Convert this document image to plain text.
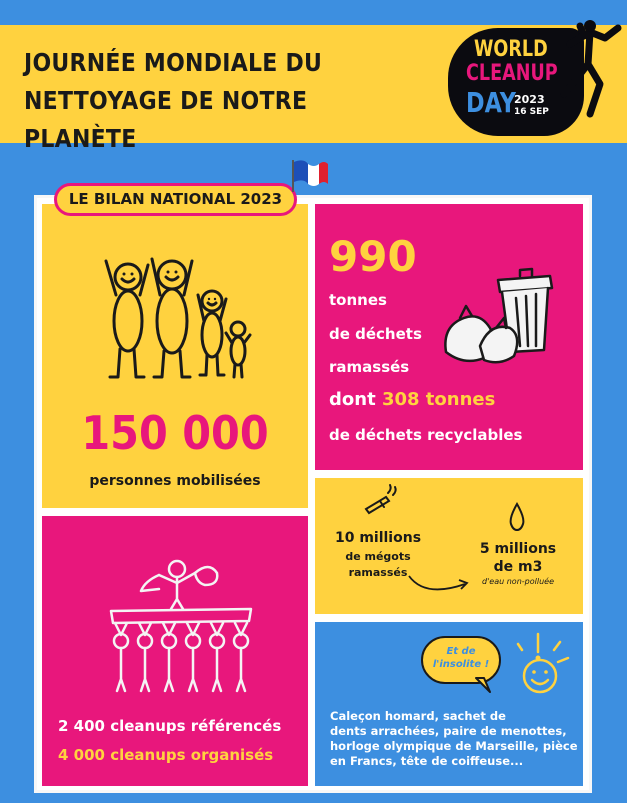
JOURNÉE MONDIALE DU
NETTOYAGE DE NOTRE PLANÈTE
WORLD
CLEANUP
DAY
2023
16 SEP
LE BILAN NATIONAL 2023
150 000
personnes mobilisées
990
tonnes
de déchets
ramassés
dont 308 tonnes
de déchets recyclables
10 millions
de mégots
ramassés
5 millions
de m3
d'eau non-polluée
2 400 cleanups référencés
4 000 cleanups organisés
Et de
l'insolite !
Caleçon homard, sachet de
dents arrachées, paire de menottes,
horloge olympique de Marseille, pièce
en Francs, tête de coiffeuse...
